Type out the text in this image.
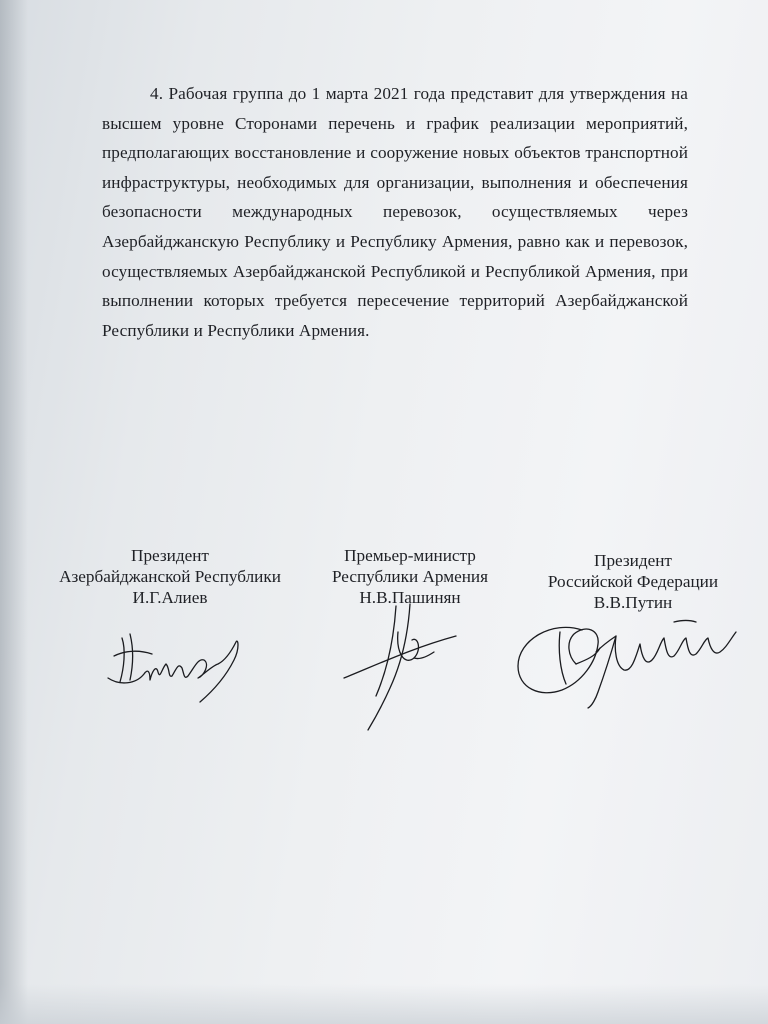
4. Рабочая группа до 1 марта 2021 года представит для утверждения на высшем уровне Сторонами перечень и график реализации мероприятий, предполагающих восстановление и сооружение новых объектов транспортной инфраструктуры, необходимых для организации, выполнения и обеспечения безопасности международных перевозок, осуществляемых через Азербайджанскую Республику и Республику Армения, равно как и перевозок, осуществляемых Азербайджанской Республикой и Республикой Армения, при выполнении которых требуется пересечение территорий Азербайджанской Республики и Республики Армения.

Президент
Азербайджанской Республики
И.Г.Алиев
Премьер-министр
Республики Армения
Н.В.Пашинян
Президент
Российской Федерации
В.В.Путин
